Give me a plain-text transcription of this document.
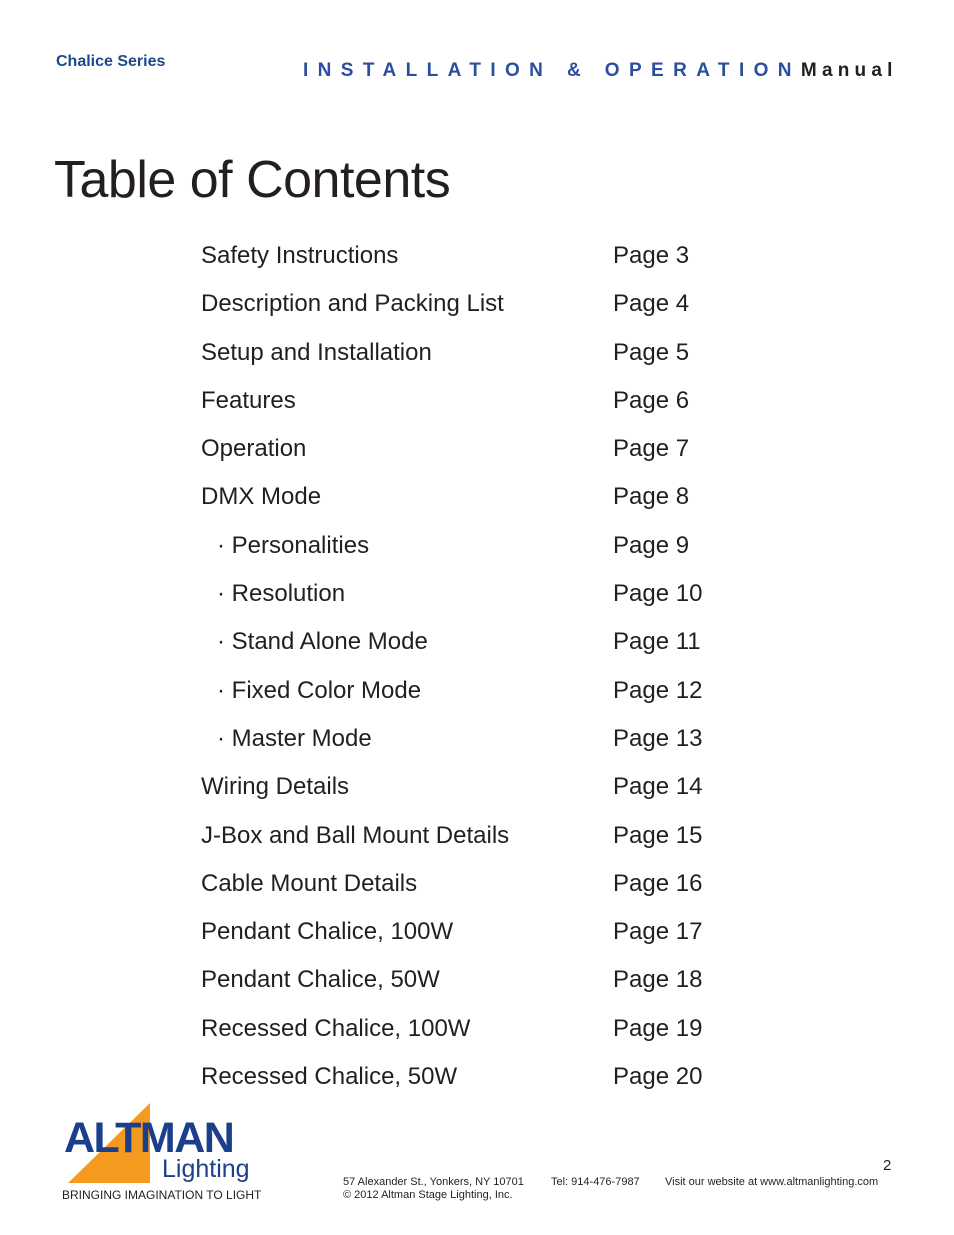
Chalice Series	INSTALLATION & OPERATIONManual
Table of Contents
Safety Instructions	Page 3
Description and Packing List	Page 4
Setup and Installation	Page 5
Features	Page 6
Operation	Page 7
DMX Mode	Page 8
· Personalities	Page 9
· Resolution	Page 10
· Stand Alone Mode	Page 11
· Fixed Color Mode	Page 12
· Master Mode	Page 13
Wiring Details	Page 14
J-Box and Ball Mount Details	Page 15
Cable Mount Details	Page 16
Pendant Chalice, 100W	Page 17
Pendant Chalice, 50W	Page 18
Recessed Chalice, 100W	Page 19
Recessed Chalice, 50W	Page 20
ALTMAN
Lighting
BRINGING IMAGINATION TO LIGHT
2
57 Alexander St., Yonkers, NY 10701 Tel: 914-476-7987 Visit our website at www.altmanlighting.com
© 2012 Altman Stage Lighting, Inc.
